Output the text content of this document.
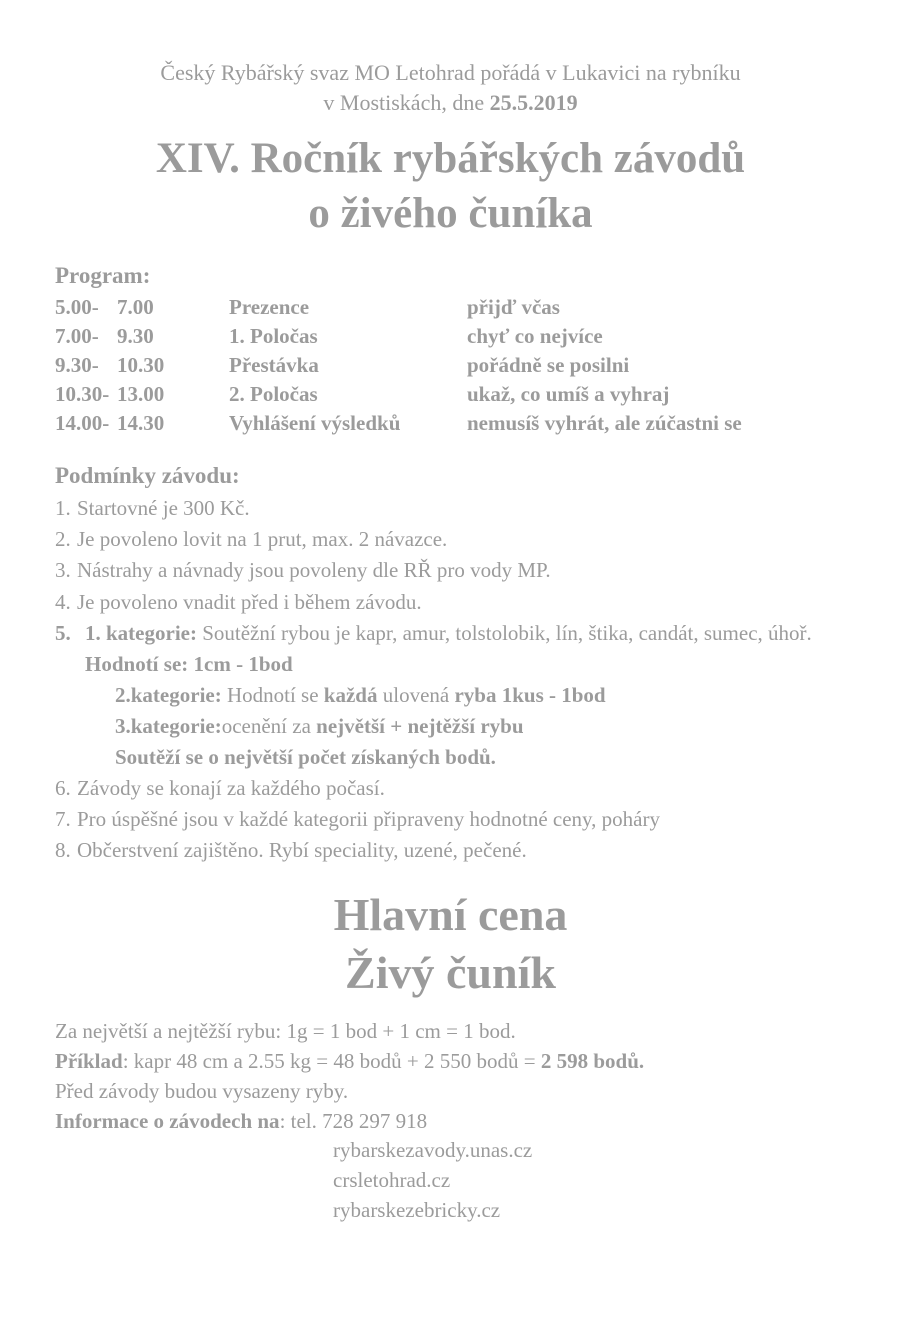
Český Rybářský svaz MO Letohrad pořádá v Lukavici na rybníku
v Mostiskách, dne 25.5.2019
XIV. Ročník rybářských závodů
o živého čuníka
Program:
5.00- 7.00	Prezence	přijď včas
7.00- 9.30	1. Poločas	chyť co nejvíce
9.30- 10.30	Přestávka	pořádně se posilni
10.30- 13.00	2. Poločas	ukaž, co umíš a vyhraj
14.00- 14.30	Vyhlášení výsledků	nemusíš vyhrát, ale zúčastni se
Podmínky závodu:
1. Startovné je 300 Kč.
2. Je povoleno lovit na 1 prut, max. 2 návazce.
3. Nástrahy a návnady jsou povoleny dle RŘ pro vody MP.
4. Je povoleno vnadit před i během závodu.
5. 1. kategorie: Soutěžní rybou je kapr, amur, tolstolobik, lín, štika, candát, sumec, úhoř. Hodnotí se: 1cm - 1bod
2.kategorie: Hodnotí se každá ulovená ryba 1kus - 1bod
3.kategorie:ocenění za největší + nejtěžší rybu
Soutěží se o největší počet získaných bodů.
6. Závody se konají za každého počasí.
7. Pro úspěšné jsou v každé kategorii připraveny hodnotné ceny, poháry
8. Občerstvení zajištěno. Rybí speciality, uzené, pečené.
Hlavní cena
Živý čuník
Za největší a nejtěžší rybu: 1g = 1 bod + 1 cm = 1 bod.
Příklad: kapr 48 cm a 2.55 kg = 48 bodů + 2 550 bodů = 2 598 bodů.
Před závody budou vysazeny ryby.
Informace o závodech na : tel. 728 297 918
rybarskezavody.unas.cz
crsletohrad.cz
rybarskezebricky.cz
